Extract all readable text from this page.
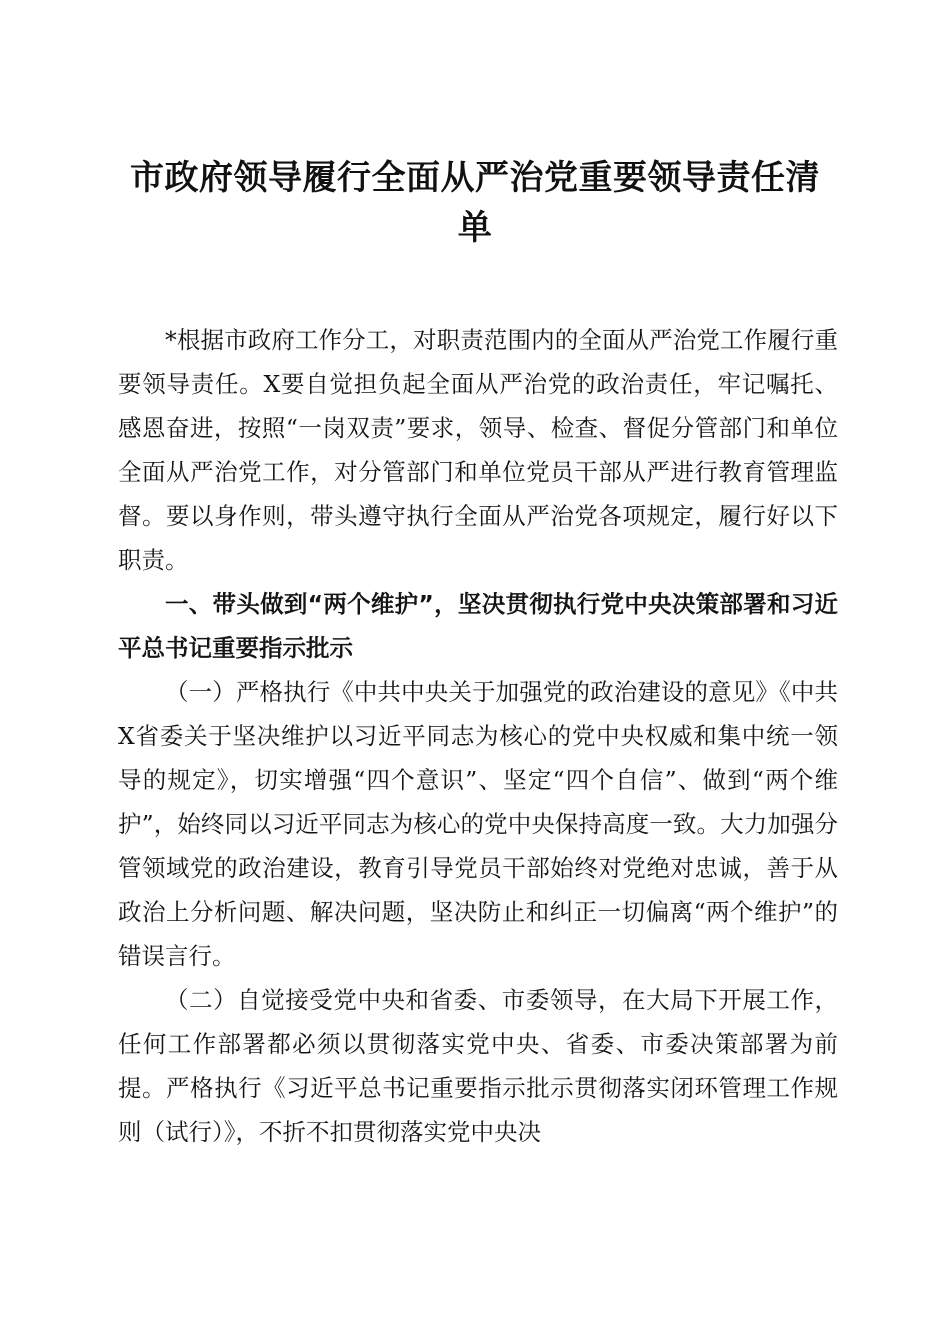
市政府领导履行全面从严治党重要领导责任清
单

*根据市政府工作分工，对职责范围内的全面从严治党工作履行重要领导责任。X要自觉担负起全面从严治党的政治责任，牢记嘱托、感恩奋进，按照“一岗双责”要求，领导、检查、督促分管部门和单位全面从严治党工作，对分管部门和单位党员干部从严进行教育管理监督。要以身作则，带头遵守执行全面从严治党各项规定，履行好以下职责。

一、带头做到“两个维护”，坚决贯彻执行党中央决策部署和习近平总书记重要指示批示

（一）严格执行《中共中央关于加强党的政治建设的意见》《中共X省委关于坚决维护以习近平同志为核心的党中央权威和集中统一领导的规定》，切实增强“四个意识”、坚定“四个自信”、做到“两个维护”，始终同以习近平同志为核心的党中央保持高度一致。大力加强分管领域党的政治建设，教育引导党员干部始终对党绝对忠诚，善于从政治上分析问题、解决问题，坚决防止和纠正一切偏离“两个维护”的错误言行。

（二）自觉接受党中央和省委、市委领导，在大局下开展工作，任何工作部署都必须以贯彻落实党中央、省委、市委决策部署为前提。严格执行《习近平总书记重要指示批示贯彻落实闭环管理工作规则（试行）》，不折不扣贯彻落实党中央决
